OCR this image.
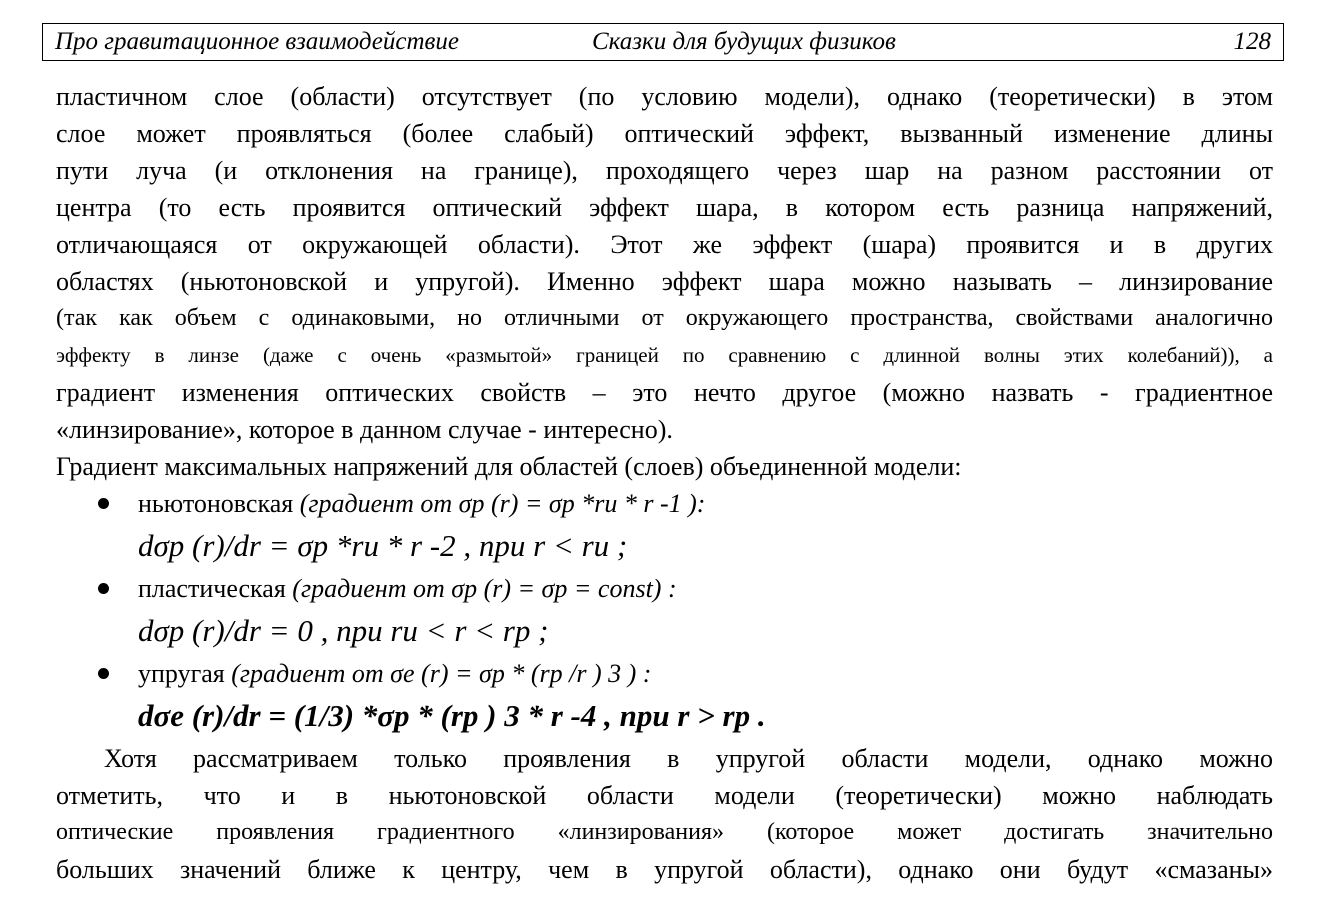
Про гравитационное взаимодействие	Сказки для будущих физиков	128
пластичном слое (области) отсутствует (по условию модели), однако (теоретически) в этом
слое может проявляться (более слабый) оптический эффект, вызванный изменение длины
пути луча (и отклонения на границе), проходящего через шар на разном расстоянии от
центра (то есть проявится оптический эффект шара, в котором есть разница напряжений,
отличающаяся от окружающей области). Этот же эффект (шара) проявится и в других
областях (ньютоновской и упругой). Именно эффект шара можно называть – линзирование
(так как объем с одинаковыми, но отличными от окружающего пространства, свойствами аналогично
эффекту в линзе (даже с очень «размытой» границей по сравнению с длинной волны этих колебаний)), а
градиент изменения оптических свойств – это нечто другое (можно назвать - градиентное
«линзирование», которое в данном случае - интересно).
Градиент максимальных напряжений для областей (слоев) объединенной модели:
ньютоновская (градиент от σp (r) = σp *ru * r -1 ):
dσp (r)/dr = σp *ru * r -2 , при r < ru ;
пластическая (градиент от σp (r) = σp = const) :
dσp (r)/dr = 0 , при ru < r < rp ;
упругая (градиент от σe (r) = σp * (rp /r ) 3 ) :
dσe (r)/dr = (1/3) *σp * (rp ) 3 * r -4 , при r > rp .
Хотя рассматриваем только проявления в упругой области модели, однако можно
отметить, что и в ньютоновской области модели (теоретически) можно наблюдать
оптические проявления градиентного «линзирования» (которое может достигать значительно
больших значений ближе к центру, чем в упругой области), однако они будут «смазаны»
